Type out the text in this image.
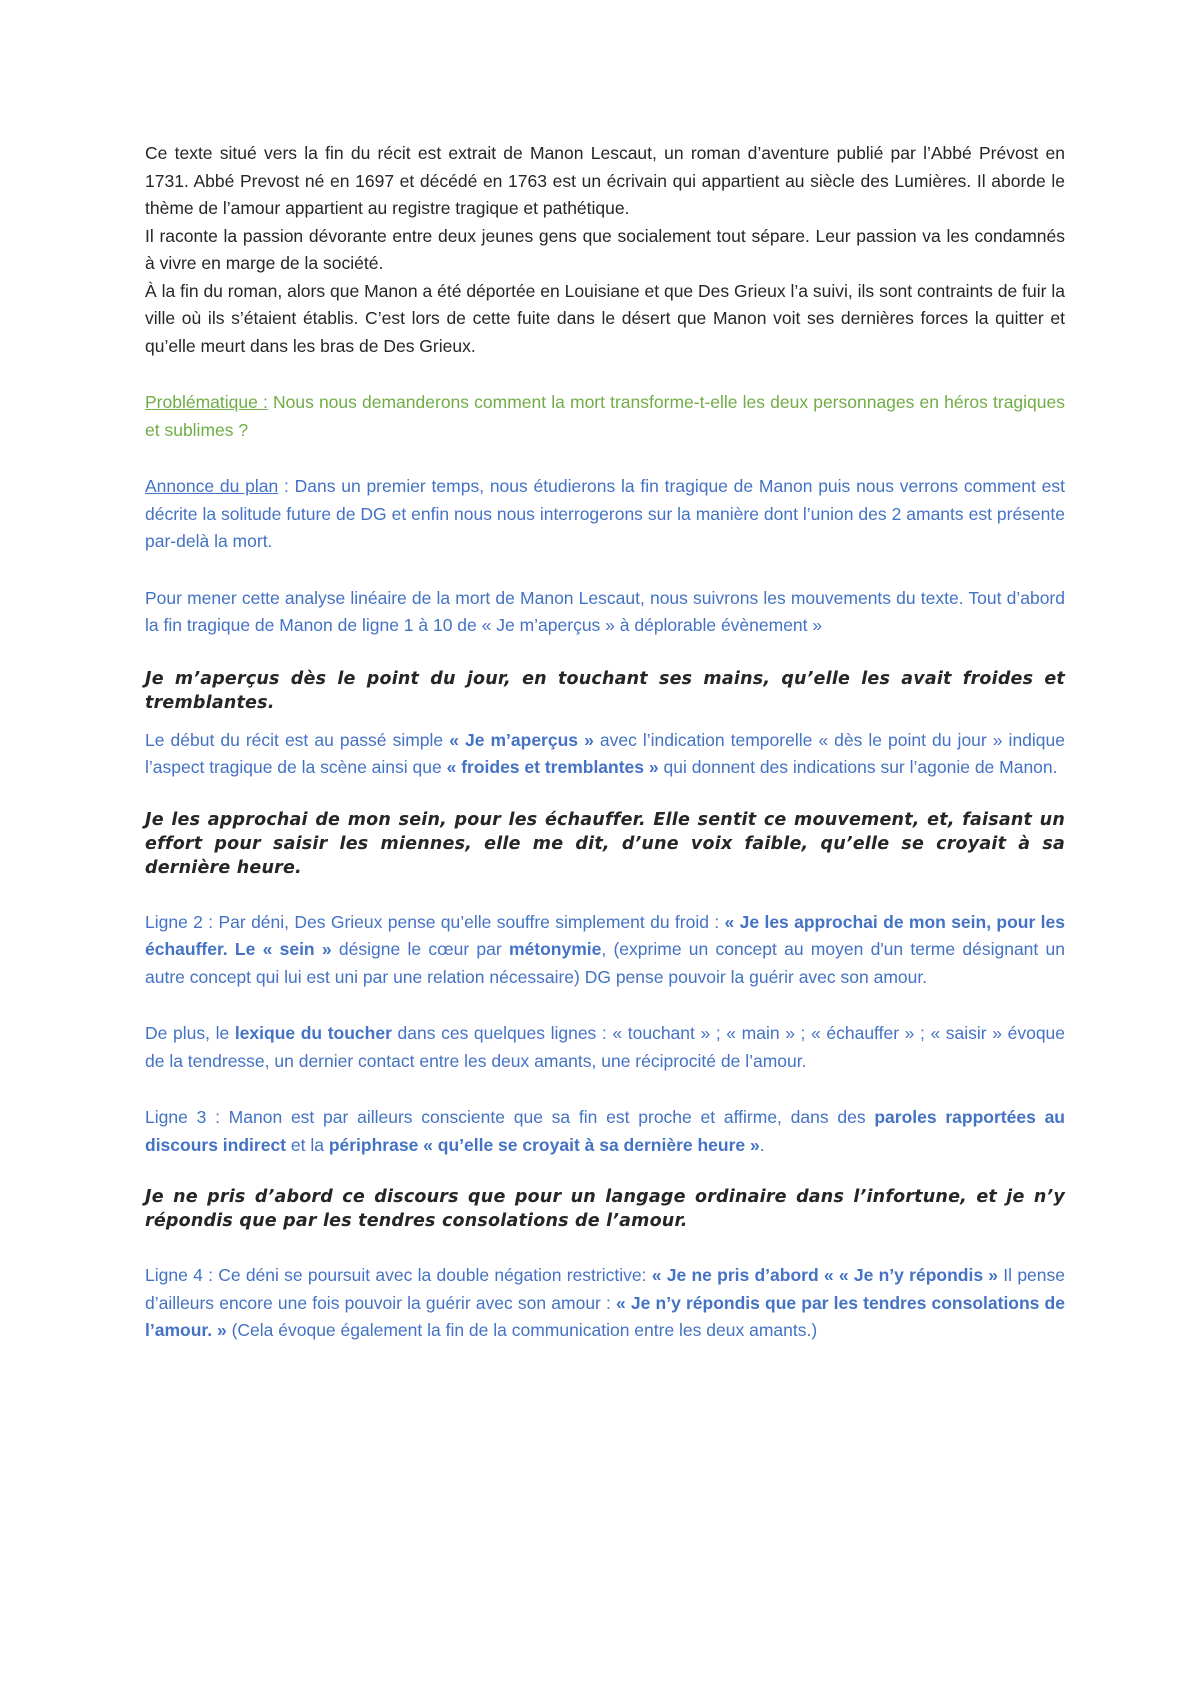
Ce texte situé vers la fin du récit est extrait de Manon Lescaut, un roman d’aventure publié par l’Abbé Prévost en 1731. Abbé Prevost né en 1697 et décédé en 1763 est un écrivain qui appartient au siècle des Lumières. Il aborde le thème de l’amour appartient au registre tragique et pathétique.

Il raconte la passion dévorante entre deux jeunes gens que socialement tout sépare. Leur passion va les condamnés à vivre en marge de la société.

À la fin du roman, alors que Manon a été déportée en Louisiane et que Des Grieux l’a suivi, ils sont contraints de fuir la ville où ils s’étaient établis. C’est lors de cette fuite dans le désert que Manon voit ses dernières forces la quitter et qu’elle meurt dans les bras de Des Grieux.

Problématique : Nous nous demanderons comment la mort transforme-t-elle les deux personnages en héros tragiques et sublimes ?

Annonce du plan : Dans un premier temps, nous étudierons la fin tragique de Manon puis nous verrons comment est décrite la solitude future de DG et enfin nous nous interrogerons sur la manière dont l’union des 2 amants est présente par-delà la mort.

Pour mener cette analyse linéaire de la mort de Manon Lescaut, nous suivrons les mouvements du texte. Tout d’abord la fin tragique de Manon de ligne 1 à 10 de « Je m’aperçus » à déplorable évènement »

Je m’aperçus dès le point du jour, en touchant ses mains, qu’elle les avait froides et tremblantes.

Le début du récit est au passé simple « Je m’aperçus » avec l’indication temporelle « dès le point du jour » indique l’aspect tragique de la scène ainsi que « froides et tremblantes » qui donnent des indications sur l’agonie de Manon.

Je les approchai de mon sein, pour les échauffer. Elle sentit ce mouvement, et, faisant un effort pour saisir les miennes, elle me dit, d’une voix faible, qu’elle se croyait à sa dernière heure.

Ligne 2 : Par déni, Des Grieux pense qu’elle souffre simplement du froid : « Je les approchai de mon sein, pour les échauffer. Le « sein » désigne le cœur par métonymie, (exprime un concept au moyen d'un terme désignant un autre concept qui lui est uni par une relation nécessaire) DG pense pouvoir la guérir avec son amour.

De plus, le lexique du toucher dans ces quelques lignes : « touchant » ; « main » ; « échauffer » ; « saisir » évoque de la tendresse, un dernier contact entre les deux amants, une réciprocité de l’amour.

Ligne 3 : Manon est par ailleurs consciente que sa fin est proche et affirme, dans des paroles rapportées au discours indirect et la périphrase « qu’elle se croyait à sa dernière heure ».

Je ne pris d’abord ce discours que pour un langage ordinaire dans l’infortune, et je n’y répondis que par les tendres consolations de l’amour.

Ligne 4 : Ce déni se poursuit avec la double négation restrictive: « Je ne pris d’abord « « Je n’y répondis » Il pense d’ailleurs encore une fois pouvoir la guérir avec son amour : « Je n’y répondis que par les tendres consolations de l’amour. » (Cela évoque également la fin de la communication entre les deux amants.)
